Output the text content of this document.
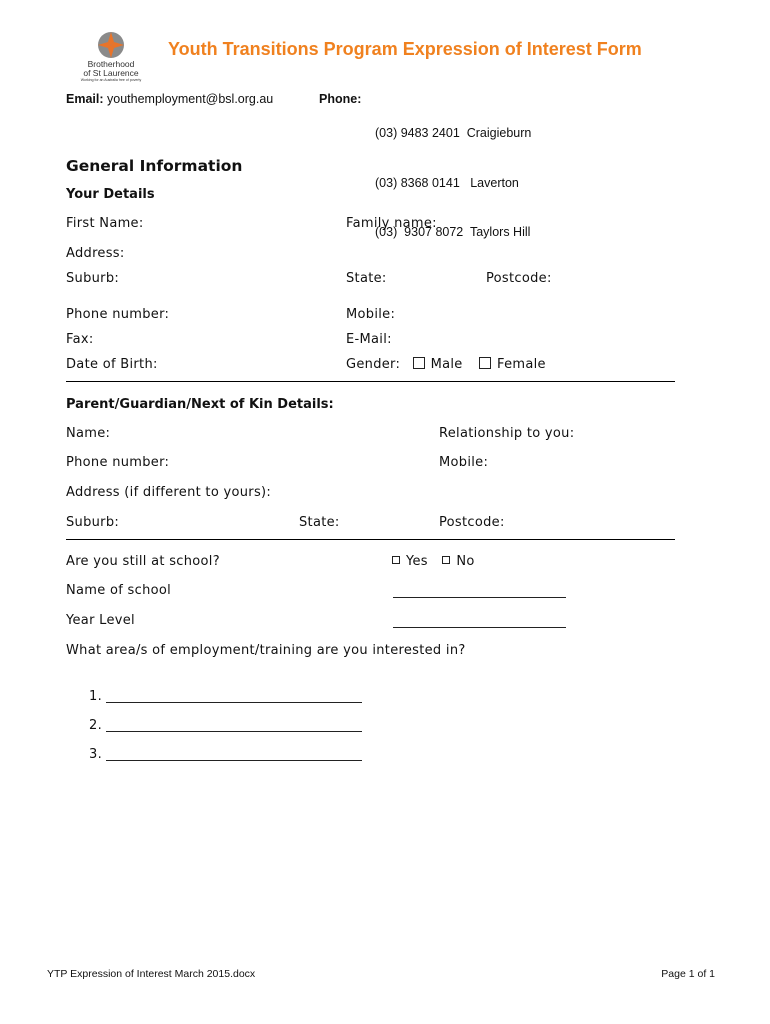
Brotherhood
of St Laurence
Working for an Australia free of poverty
Youth Transitions Program Expression of Interest Form
Email: youthemployment@bsl.org.au	Phone:

(03) 9483 2401  Craigieburn

(03) 8368 0141   Laverton

(03)  9307 8072  Taylors Hill

General Information
Your Details
First Name:	Family name:
Address:
Suburb:	State:	Postcode:
Phone number:	Mobile:
Fax:	E-Mail:
Date of Birth:	Gender: Male	Female
Parent/Guardian/Next of Kin Details:
Name:	Relationship to you:
Phone number:	Mobile:
Address (if different to yours):
Suburb:	State:	Postcode:
Are you still at school?	Yes No
Name of school
Year Level
What area/s of employment/training are you interested in?
1.
2.
3.
YTP Expression of Interest March 2015.docx	Page 1 of 1
